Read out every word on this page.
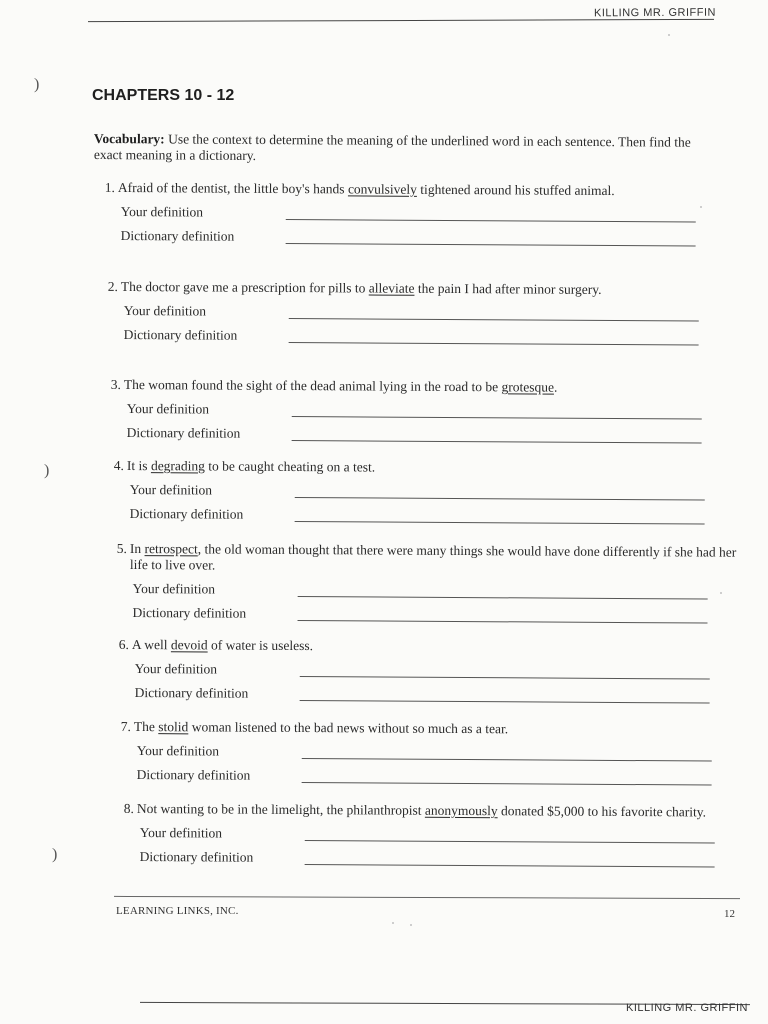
KILLING MR. GRIFFIN
)
)
)
CHAPTERS 10 - 12
Vocabulary: Use the context to determine the meaning of the underlined word in each sentence. Then find the exact meaning in a dictionary.
1. Afraid of the dentist, the little boy's hands convulsively tightened around his stuffed animal.
Your definition
Dictionary definition
2. The doctor gave me a prescription for pills to alleviate the pain I had after minor surgery.
Your definition
Dictionary definition
3. The woman found the sight of the dead animal lying in the road to be grotesque.
Your definition
Dictionary definition
4. It is degrading to be caught cheating on a test.
Your definition
Dictionary definition
5. In retrospect, the old woman thought that there were many things she would have done differently if she had her life to live over.
Your definition
Dictionary definition
6. A well devoid of water is useless.
Your definition
Dictionary definition
7. The stolid woman listened to the bad news without so much as a tear.
Your definition
Dictionary definition
8. Not wanting to be in the limelight, the philanthropist anonymously donated $5,000 to his favorite charity.
Your definition
Dictionary definition
LEARNING LINKS, INC.	12
KILLING MR. GRIFFIN
